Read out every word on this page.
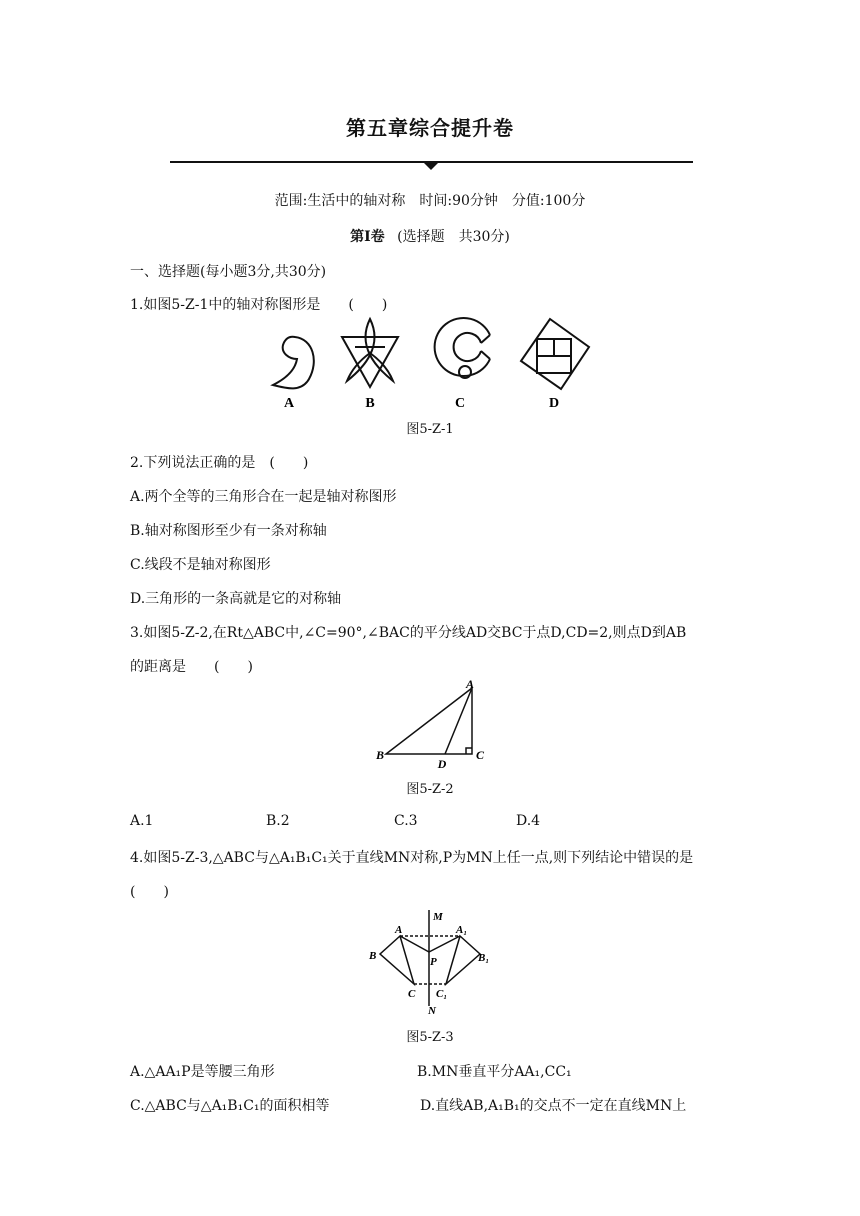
第五章综合提升卷
范围:生活中的轴对称　时间:90分钟　分值:100分
第Ⅰ卷 (选择题　共30分)
一、选择题(每小题3分,共30分)
1.如图5-Z-1中的轴对称图形是　　(　　)
A	B	C	D
图5-Z-1
2.下列说法正确的是　(　　)
A.两个全等的三角形合在一起是轴对称图形
B.轴对称图形至少有一条对称轴
C.线段不是轴对称图形
D.三角形的一条高就是它的对称轴
3.如图5-Z-2,在Rt△ABC中,∠C=90°,∠BAC的平分线AD交BC于点D,CD=2,则点D到AB
的距离是　　(　　)
A
B	C
D
图5-Z-2
A.1	B.2	C.3	D.4
4.如图5-Z-3,△ABC与△A₁B₁C₁关于直线MN对称,P为MN上任一点,则下列结论中错误的是
(　　)
M
A	A₁
B	P	B₁
C C₁
N
图5-Z-3
A.△AA₁P是等腰三角形	B.MN垂直平分AA₁,CC₁
C.△ABC与△A₁B₁C₁的面积相等	D.直线AB,A₁B₁的交点不一定在直线MN上
